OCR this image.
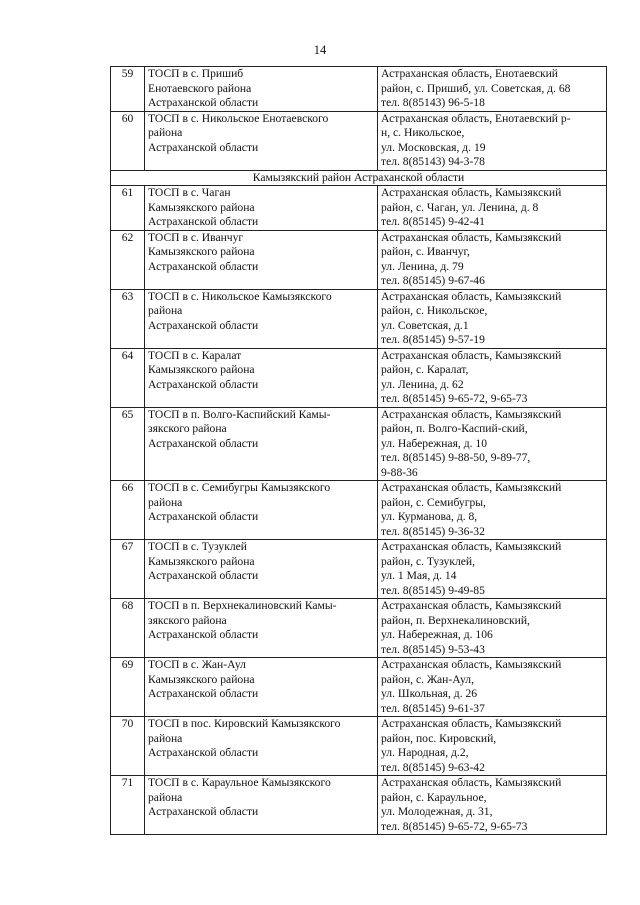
14
59	ТОСП в с. Пришиб
Енотаевского района
Астраханской области	Астраханская область, Енотаевский
район, с. Пришиб, ул. Советская, д. 68
тел. 8(85143) 96-5-18
60	ТОСП в с. Никольское Енотаевского
района
Астраханской области	Астраханская область, Енотаевский р-
н, с. Никольское,
ул. Московская, д. 19
тел. 8(85143) 94-3-78
Камызякский район Астраханской области		
61	ТОСП в с. Чаган
Камызякского района
Астраханской области	Астраханская область, Камызякский
район, с. Чаган, ул. Ленина, д. 8
тел. 8(85145) 9-42-41
62	ТОСП в с. Иванчуг
Камызякского района
Астраханской области	Астраханская область, Камызякский
район, с. Иванчуг,
ул. Ленина, д. 79
тел. 8(85145) 9-67-46
63	ТОСП в с. Никольское Камызякского
района
Астраханской области	Астраханская область, Камызякский
район, с. Никольское,
ул. Советская, д.1
тел. 8(85145) 9-57-19
64	ТОСП в с. Каралат
Камызякского района
Астраханской области	Астраханская область, Камызякский
район, с. Каралат,
ул. Ленина, д. 62
тел. 8(85145) 9-65-72, 9-65-73
65	ТОСП в п. Волго-Каспийский Камы-
зякского района
Астраханской области	Астраханская область, Камызякский
район, п. Волго-Каспий-ский,
ул. Набережная, д. 10
тел. 8(85145) 9-88-50, 9-89-77,
9-88-36
66	ТОСП в с. Семибугры Камызякского
района
Астраханской области	Астраханская область, Камызякский
район, с. Семибугры,
ул. Курманова, д. 8,
тел. 8(85145) 9-36-32
67	ТОСП в с. Тузуклей
Камызякского района
Астраханской области	Астраханская область, Камызякский
район, с. Тузуклей,
ул. 1 Мая, д. 14
тел. 8(85145) 9-49-85
68	ТОСП в п. Верхнекалиновский Камы-
зякского района
Астраханской области	Астраханская область, Камызякский
район, п. Верхнекалиновский,
ул. Набережная, д. 106
тел. 8(85145) 9-53-43
69	ТОСП в с. Жан-Аул
Камызякского района
Астраханской области	Астраханская область, Камызякский
район, с. Жан-Аул,
ул. Школьная, д. 26
тел. 8(85145) 9-61-37
70	ТОСП в пос. Кировский Камызякского
района
Астраханской области	Астраханская область, Камызякский
район, пос. Кировский,
ул. Народная, д.2,
тел. 8(85145) 9-63-42
71	ТОСП в с. Караульное Камызякского
района
Астраханской области	Астраханская область, Камызякский
район, с. Караульное,
ул. Молодежная, д. 31,
тел. 8(85145) 9-65-72, 9-65-73
